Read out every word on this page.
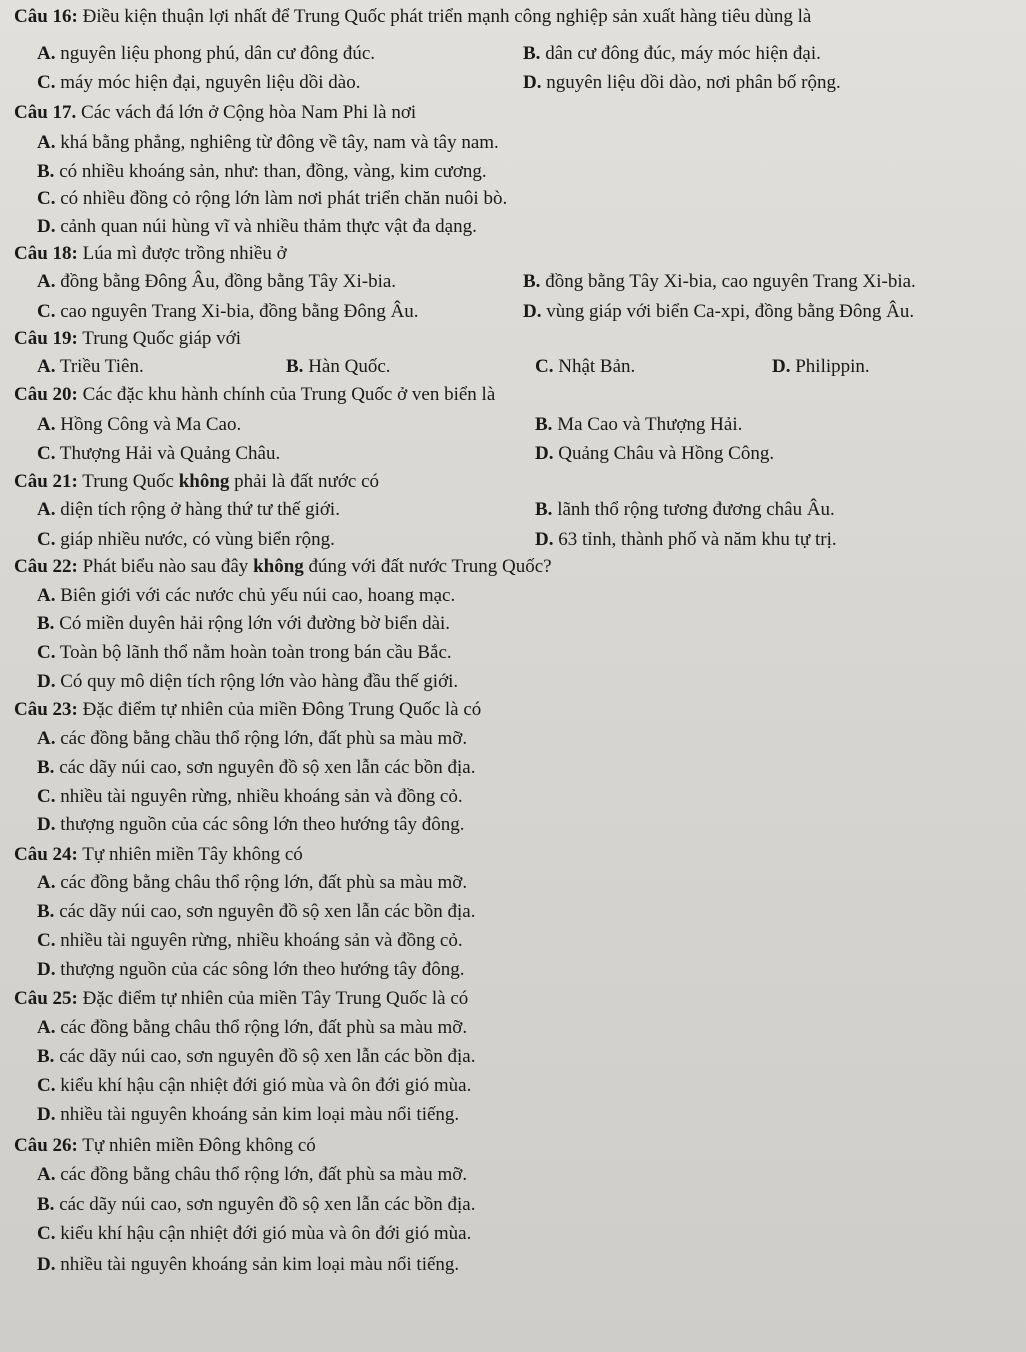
Câu 16: Điều kiện thuận lợi nhất để Trung Quốc phát triển mạnh công nghiệp sản xuất hàng tiêu dùng là
A. nguyên liệu phong phú, dân cư đông đúc.	B. dân cư đông đúc, máy móc hiện đại.
C. máy móc hiện đại, nguyên liệu dồi dào.	D. nguyên liệu dồi dào, nơi phân bố rộng.
Câu 17. Các vách đá lớn ở Cộng hòa Nam Phi là nơi
A. khá bằng phẳng, nghiêng từ đông về tây, nam và tây nam.
B. có nhiều khoáng sản, như: than, đồng, vàng, kim cương.
C. có nhiều đồng cỏ rộng lớn làm nơi phát triển chăn nuôi bò.
D. cảnh quan núi hùng vĩ và nhiều thảm thực vật đa dạng.
Câu 18: Lúa mì được trồng nhiều ở
A. đồng bằng Đông Âu, đồng bằng Tây Xi-bia.	B. đồng bằng Tây Xi-bia, cao nguyên Trang Xi-bia.
C. cao nguyên Trang Xi-bia, đồng bằng Đông Âu.	D. vùng giáp với biển Ca-xpi, đồng bằng Đông Âu.
Câu 19: Trung Quốc giáp với
A. Triều Tiên.	B. Hàn Quốc.	C. Nhật Bản.	D. Philippin.
Câu 20: Các đặc khu hành chính của Trung Quốc ở ven biển là
A. Hồng Công và Ma Cao.	B. Ma Cao và Thượng Hải.
C. Thượng Hải và Quảng Châu.	D. Quảng Châu và Hồng Công.
Câu 21: Trung Quốc không phải là đất nước có
A. diện tích rộng ở hàng thứ tư thế giới.	B. lãnh thổ rộng tương đương châu Âu.
C. giáp nhiều nước, có vùng biển rộng.	D. 63 tỉnh, thành phố và năm khu tự trị.
Câu 22: Phát biểu nào sau đây không đúng với đất nước Trung Quốc?
A. Biên giới với các nước chủ yếu núi cao, hoang mạc.
B. Có miền duyên hải rộng lớn với đường bờ biển dài.
C. Toàn bộ lãnh thổ nằm hoàn toàn trong bán cầu Bắc.
D. Có quy mô diện tích rộng lớn vào hàng đầu thế giới.
Câu 23: Đặc điểm tự nhiên của miền Đông Trung Quốc là có
A. các đồng bằng chầu thổ rộng lớn, đất phù sa màu mỡ.
B. các dãy núi cao, sơn nguyên đồ sộ xen lẫn các bồn địa.
C. nhiều tài nguyên rừng, nhiều khoáng sản và đồng cỏ.
D. thượng nguồn của các sông lớn theo hướng tây đông.
Câu 24: Tự nhiên miền Tây không có
A. các đồng bằng châu thổ rộng lớn, đất phù sa màu mỡ.
B. các dãy núi cao, sơn nguyên đồ sộ xen lẫn các bồn địa.
C. nhiều tài nguyên rừng, nhiều khoáng sản và đồng cỏ.
D. thượng nguồn của các sông lớn theo hướng tây đông.
Câu 25: Đặc điểm tự nhiên của miền Tây Trung Quốc là có
A. các đồng bằng châu thổ rộng lớn, đất phù sa màu mỡ.
B. các dãy núi cao, sơn nguyên đồ sộ xen lẫn các bồn địa.
C. kiểu khí hậu cận nhiệt đới gió mùa và ôn đới gió mùa.
D. nhiều tài nguyên khoáng sản kim loại màu nổi tiếng.
Câu 26: Tự nhiên miền Đông không có
A. các đồng bằng châu thổ rộng lớn, đất phù sa màu mỡ.
B. các dãy núi cao, sơn nguyên đồ sộ xen lẫn các bồn địa.
C. kiểu khí hậu cận nhiệt đới gió mùa và ôn đới gió mùa.
D. nhiều tài nguyên khoáng sản kim loại màu nổi tiếng.
